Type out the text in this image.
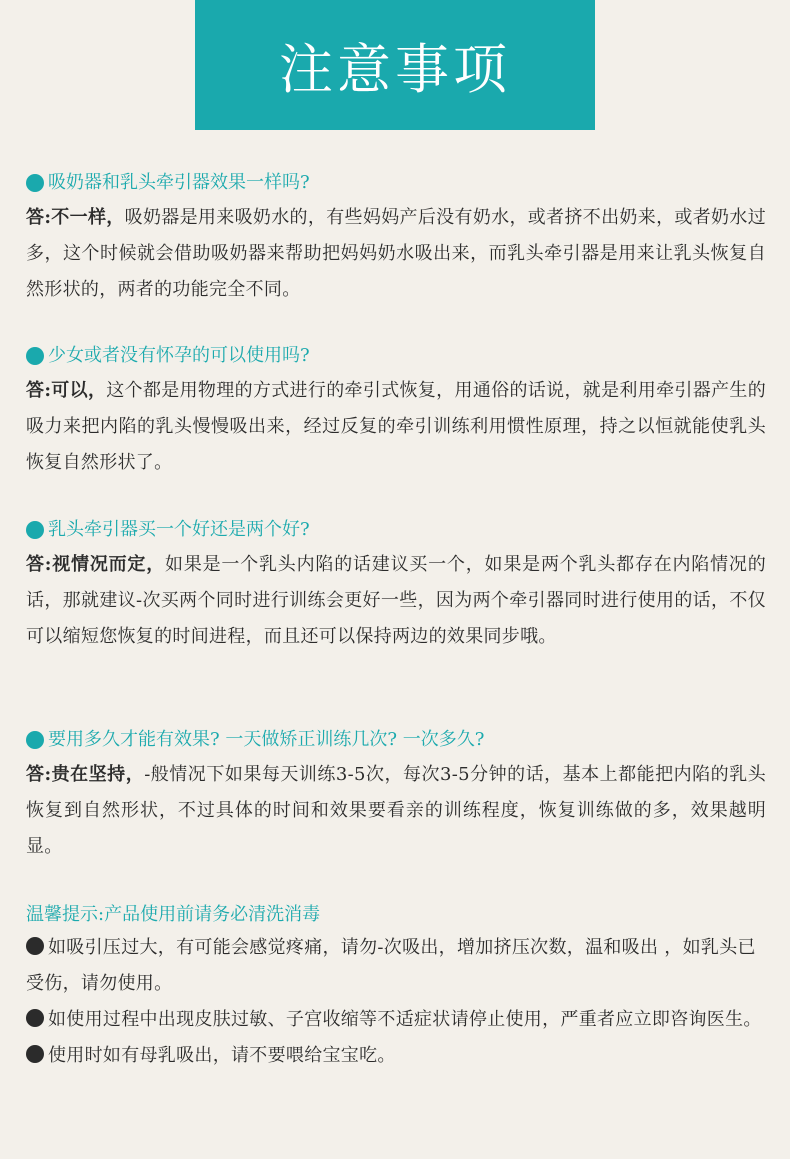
注意事项
吸奶器和乳头牵引器效果一样吗?
答:不一样，吸奶器是用来吸奶水的，有些妈妈产后没有奶水，或者挤不出奶来，或者奶水过多，这个时候就会借助吸奶器来帮助把妈妈奶水吸出来，而乳头牵引器是用来让乳头恢复自然形状的，两者的功能完全不同。
少女或者没有怀孕的可以使用吗?
答:可以，这个都是用物理的方式进行的牵引式恢复，用通俗的话说，就是利用牵引器产生的吸力来把内陷的乳头慢慢吸出来，经过反复的牵引训练利用惯性原理，持之以恒就能使乳头恢复自然形状了。
乳头牵引器买一个好还是两个好?
答:视情况而定，如果是一个乳头内陷的话建议买一个，如果是两个乳头都存在内陷情况的话，那就建议-次买两个同时进行训练会更好一些，因为两个牵引器同时进行使用的话，不仅可以缩短您恢复的时间进程，而且还可以保持两边的效果同步哦。
要用多久才能有效果? 一天做矫正训练几次? 一次多久?
答:贵在坚持，-般情况下如果每天训练3-5次，每次3-5分钟的话，基本上都能把内陷的乳头恢复到自然形状，不过具体的时间和效果要看亲的训练程度，恢复训练做的多，效果越明显。
温馨提示:产品使用前请务必清洗消毒
如吸引压过大，有可能会感觉疼痛，请勿-次吸出，增加挤压次数，温和吸出 ，如乳头已受伤，请勿使用。
如使用过程中出现皮肤过敏、子宫收缩等不适症状请停止使用，严重者应立即咨询医生。
使用时如有母乳吸出，请不要喂给宝宝吃。
